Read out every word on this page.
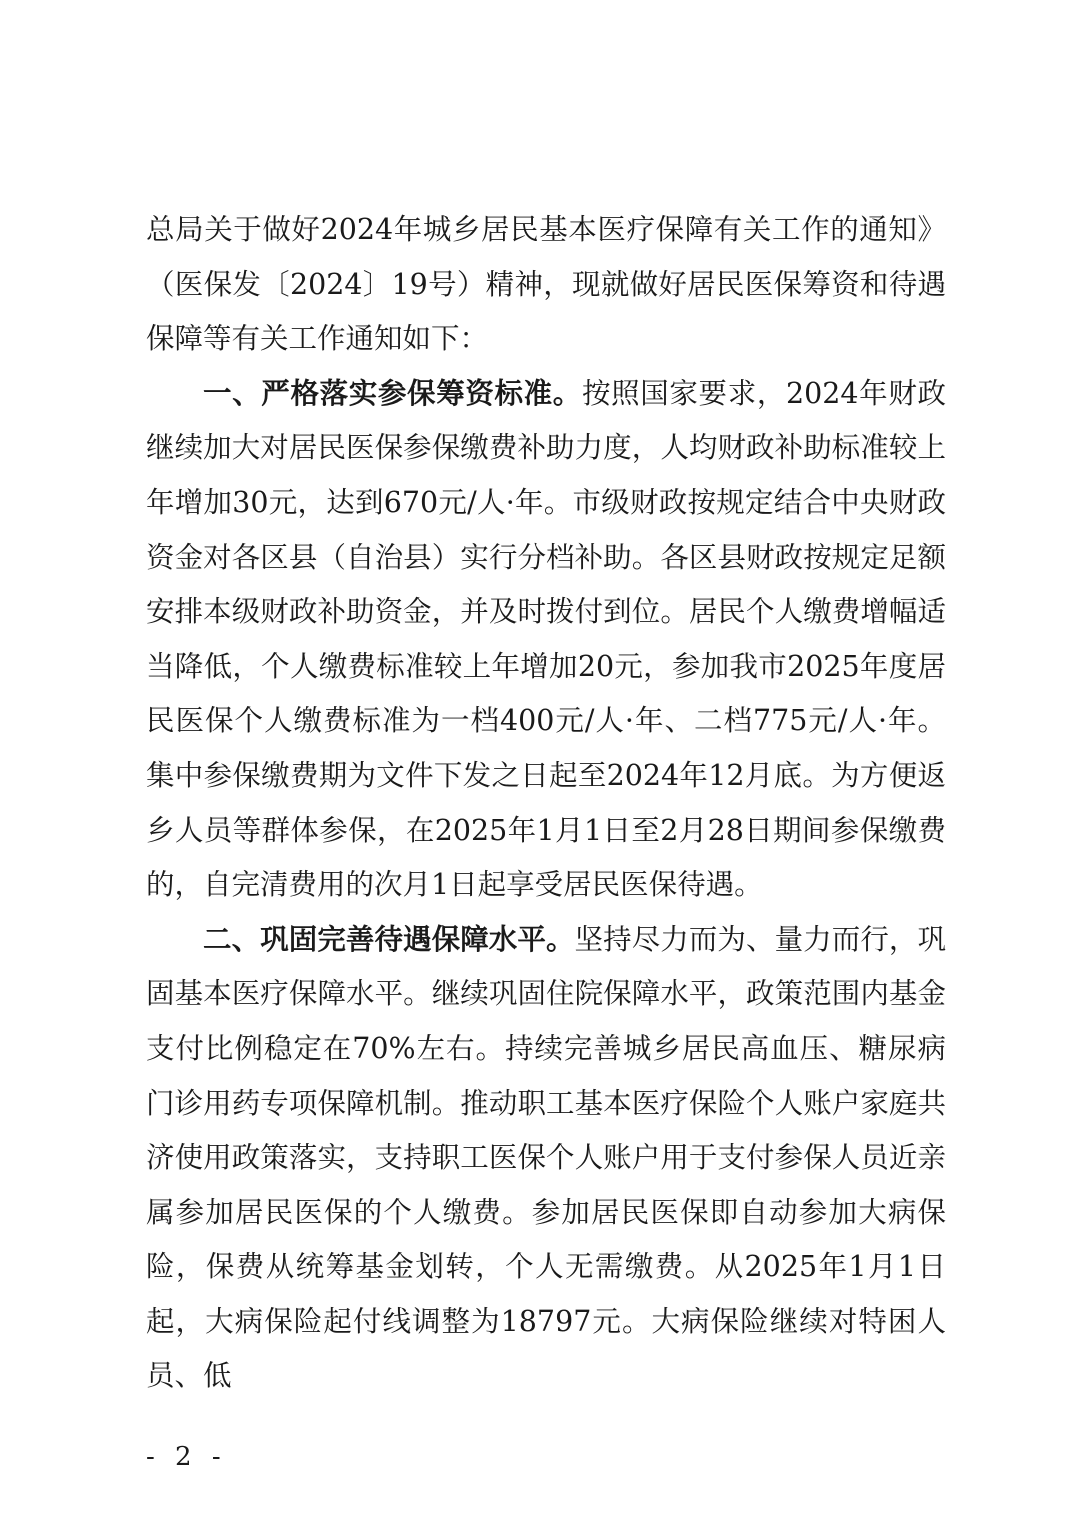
总局关于做好2024年城乡居民基本医疗保障有关工作的通知》（医保发〔2024〕19号）精神，现就做好居民医保筹资和待遇保障等有关工作通知如下：

一、严格落实参保筹资标准。按照国家要求，2024年财政继续加大对居民医保参保缴费补助力度，人均财政补助标准较上年增加30元，达到670元/人·年。市级财政按规定结合中央财政资金对各区县（自治县）实行分档补助。各区县财政按规定足额安排本级财政补助资金，并及时拨付到位。居民个人缴费增幅适当降低，个人缴费标准较上年增加20元，参加我市2025年度居民医保个人缴费标准为一档400元/人·年、二档775元/人·年。集中参保缴费期为文件下发之日起至2024年12月底。为方便返乡人员等群体参保，在2025年1月1日至2月28日期间参保缴费的，自完清费用的次月1日起享受居民医保待遇。

二、巩固完善待遇保障水平。坚持尽力而为、量力而行，巩固基本医疗保障水平。继续巩固住院保障水平，政策范围内基金支付比例稳定在70%左右。持续完善城乡居民高血压、糖尿病门诊用药专项保障机制。推动职工基本医疗保险个人账户家庭共济使用政策落实，支持职工医保个人账户用于支付参保人员近亲属参加居民医保的个人缴费。参加居民医保即自动参加大病保险，保费从统筹基金划转，个人无需缴费。从2025年1月1日起，大病保险起付线调整为18797元。大病保险继续对特困人员、低

- 2 -
